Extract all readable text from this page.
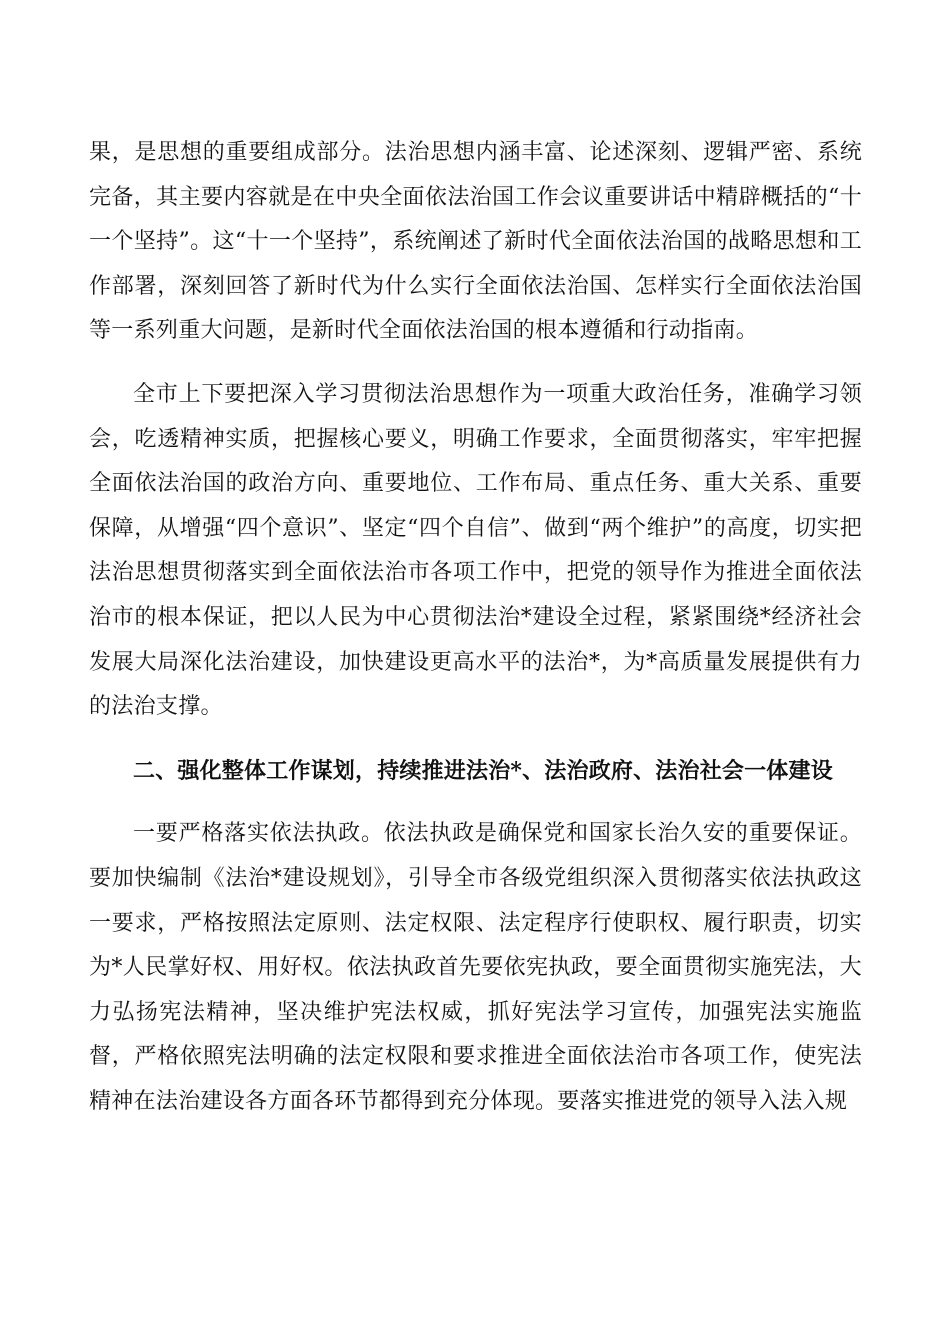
果，是思想的重要组成部分。法治思想内涵丰富、论述深刻、逻辑严密、系统完备，其主要内容就是在中央全面依法治国工作会议重要讲话中精辟概括的“十一个坚持”。这“十一个坚持”，系统阐述了新时代全面依法治国的战略思想和工作部署，深刻回答了新时代为什么实行全面依法治国、怎样实行全面依法治国等一系列重大问题，是新时代全面依法治国的根本遵循和行动指南。

全市上下要把深入学习贯彻法治思想作为一项重大政治任务，准确学习领会，吃透精神实质，把握核心要义，明确工作要求，全面贯彻落实，牢牢把握全面依法治国的政治方向、重要地位、工作布局、重点任务、重大关系、重要保障，从增强“四个意识”、坚定“四个自信”、做到“两个维护”的高度，切实把法治思想贯彻落实到全面依法治市各项工作中，把党的领导作为推进全面依法治市的根本保证，把以人民为中心贯彻法治*建设全过程，紧紧围绕*经济社会发展大局深化法治建设，加快建设更高水平的法治*，为*高质量发展提供有力的法治支撑。

二、强化整体工作谋划，持续推进法治*、法治政府、法治社会一体建设

一要严格落实依法执政。依法执政是确保党和国家长治久安的重要保证。要加快编制《法治*建设规划》，引导全市各级党组织深入贯彻落实依法执政这一要求，严格按照法定原则、法定权限、法定程序行使职权、履行职责，切实为*人民掌好权、用好权。依法执政首先要依宪执政，要全面贯彻实施宪法，大力弘扬宪法精神，坚决维护宪法权威，抓好宪法学习宣传，加强宪法实施监督，严格依照宪法明确的法定权限和要求推进全面依法治市各项工作，使宪法精神在法治建设各方面各环节都得到充分体现。要落实推进党的领导入法入规
